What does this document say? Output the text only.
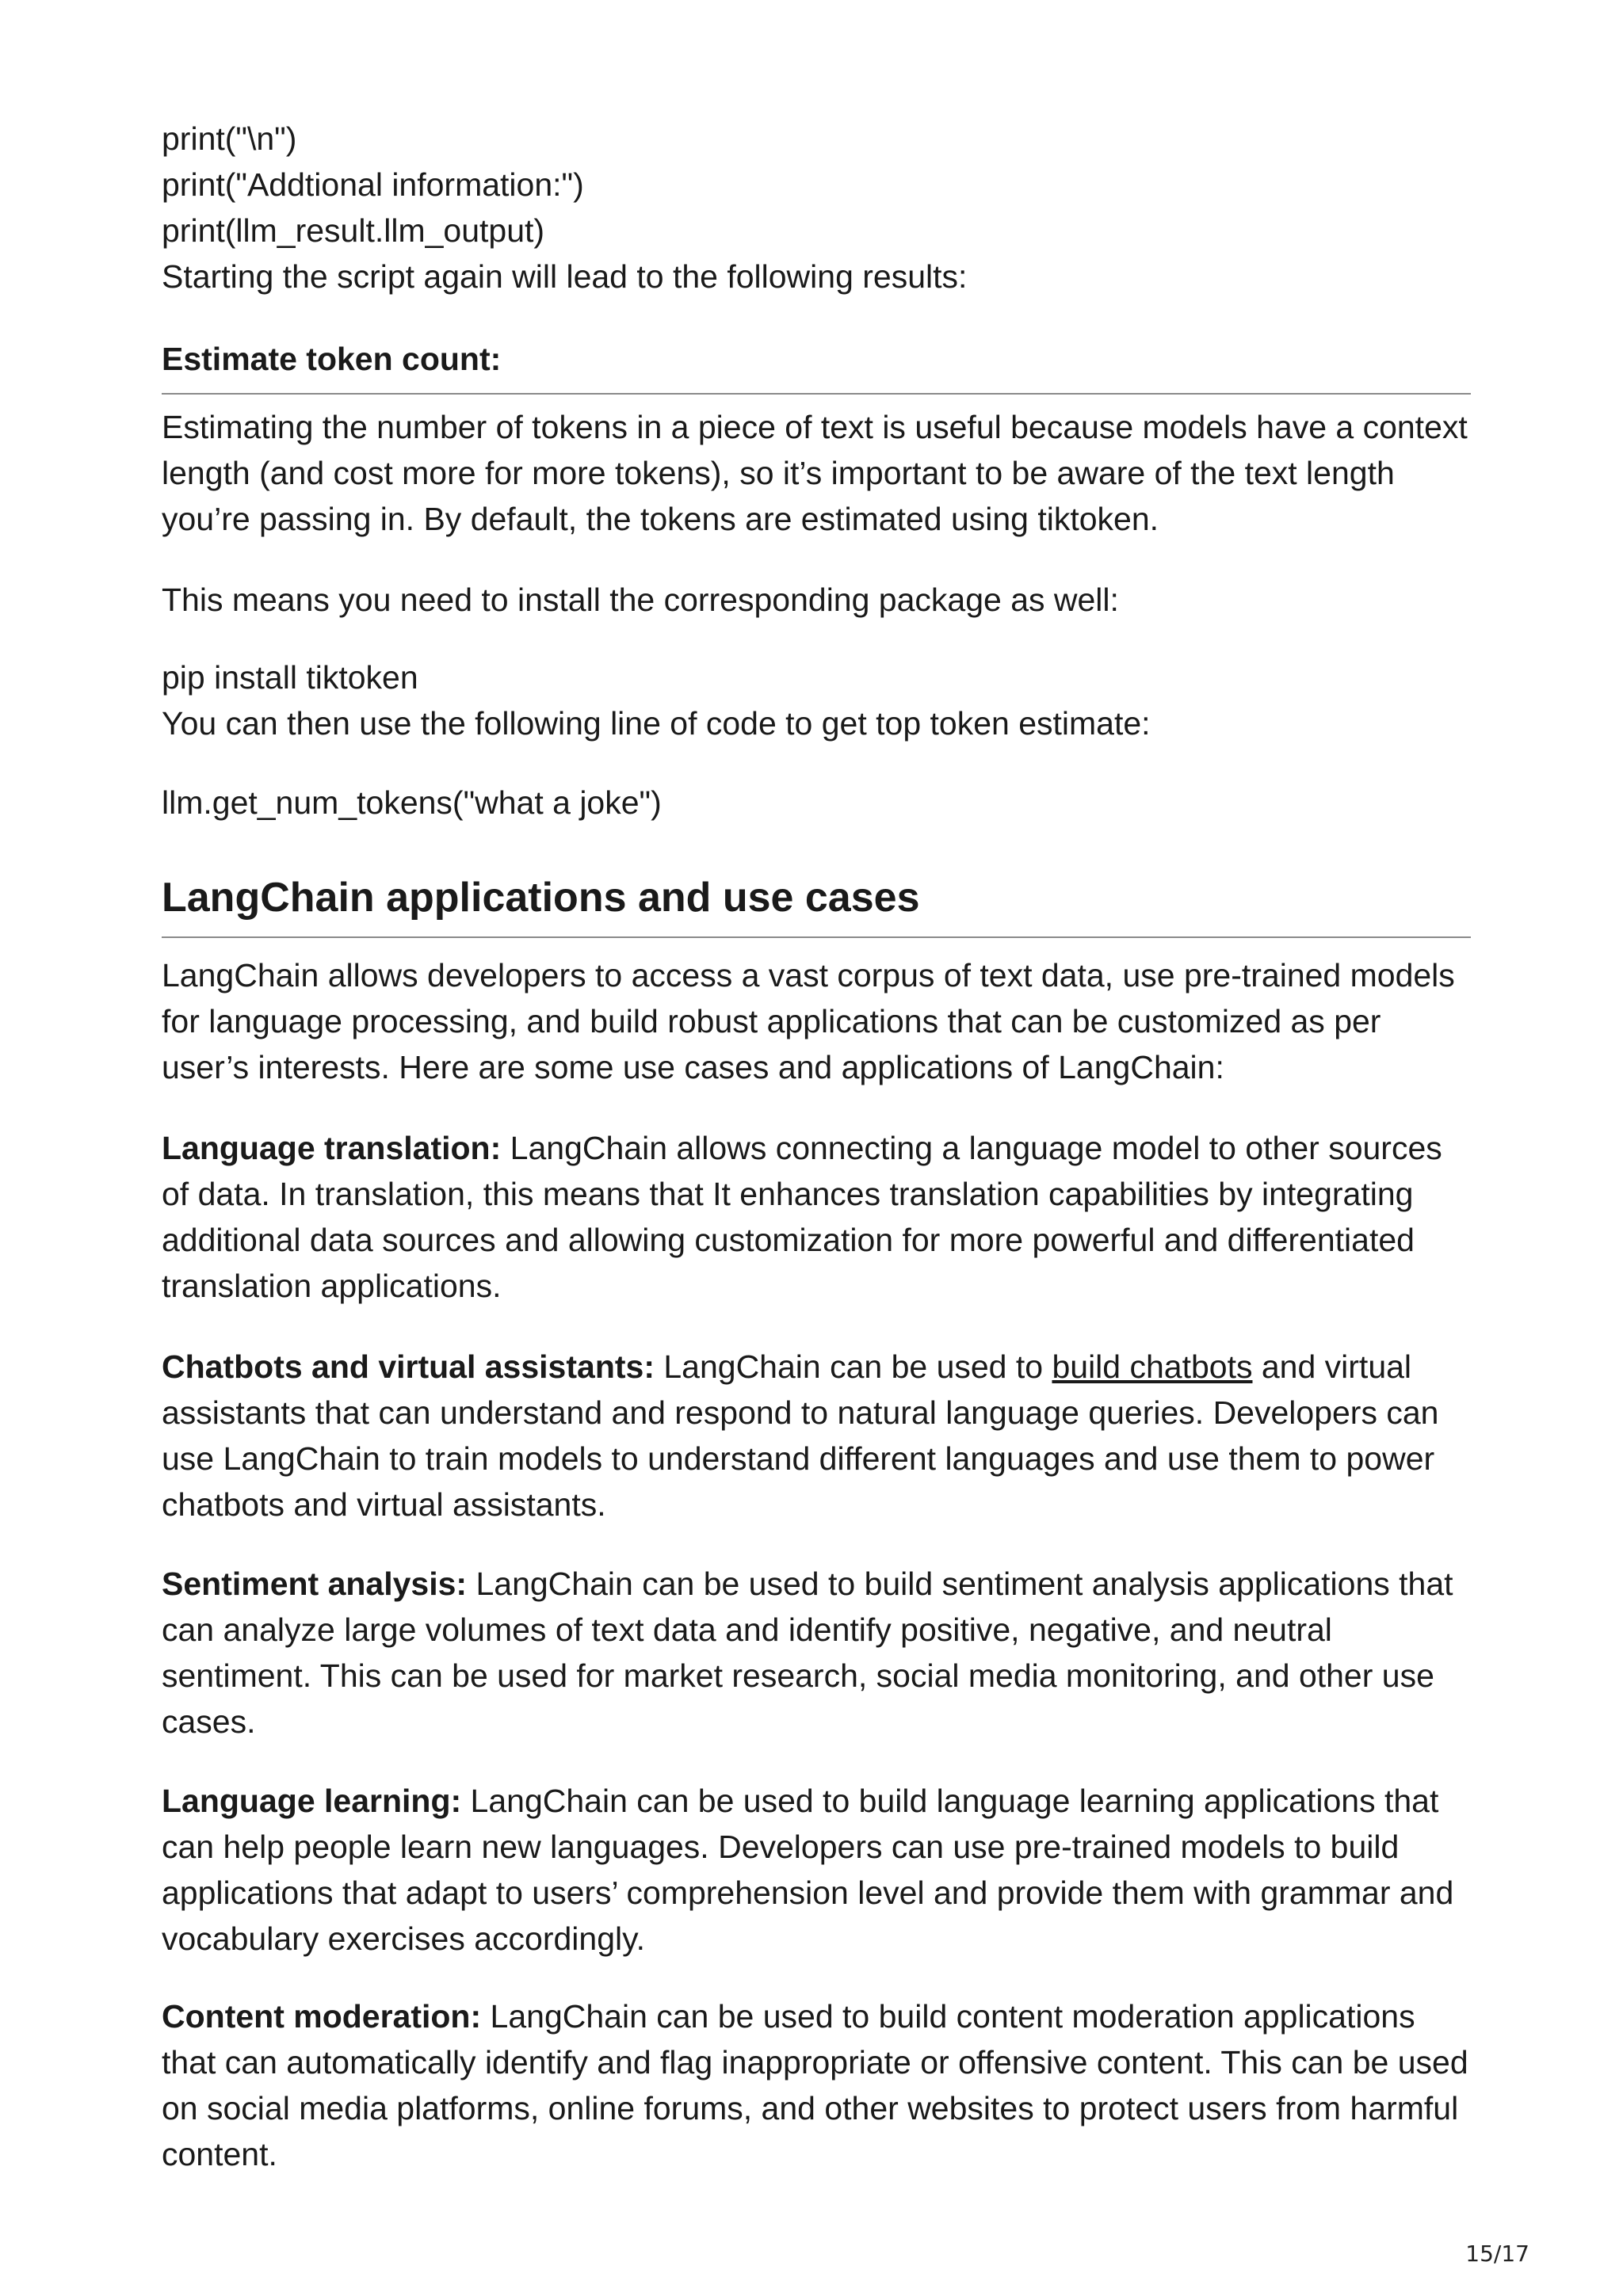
print("\n")

print("Addtional information:")

print(llm_result.llm_output)

Starting the script again will lead to the following results:

Estimate token count:

Estimating the number of tokens in a piece of text is useful because models have a context length (and cost more for more tokens), so it’s important to be aware of the text length you’re passing in. By default, the tokens are estimated using tiktoken.

This means you need to install the corresponding package as well:

pip install tiktoken

You can then use the following line of code to get top token estimate:

llm.get_num_tokens("what a joke")

LangChain applications and use cases

LangChain allows developers to access a vast corpus of text data, use pre-trained models for language processing, and build robust applications that can be customized as per user’s interests. Here are some use cases and applications of LangChain:

Language translation: LangChain allows connecting a language model to other sources of data. In translation, this means that It enhances translation capabilities by integrating additional data sources and allowing customization for more powerful and differentiated translation applications.

Chatbots and virtual assistants: LangChain can be used to build chatbots and virtual assistants that can understand and respond to natural language queries. Developers can use LangChain to train models to understand different languages and use them to power chatbots and virtual assistants.

Sentiment analysis: LangChain can be used to build sentiment analysis applications that can analyze large volumes of text data and identify positive, negative, and neutral sentiment. This can be used for market research, social media monitoring, and other use cases.

Language learning: LangChain can be used to build language learning applications that can help people learn new languages. Developers can use pre-trained models to build applications that adapt to users’ comprehension level and provide them with grammar and vocabulary exercises accordingly.

Content moderation: LangChain can be used to build content moderation applications that can automatically identify and flag inappropriate or offensive content. This can be used on social media platforms, online forums, and other websites to protect users from harmful content.

15/17
